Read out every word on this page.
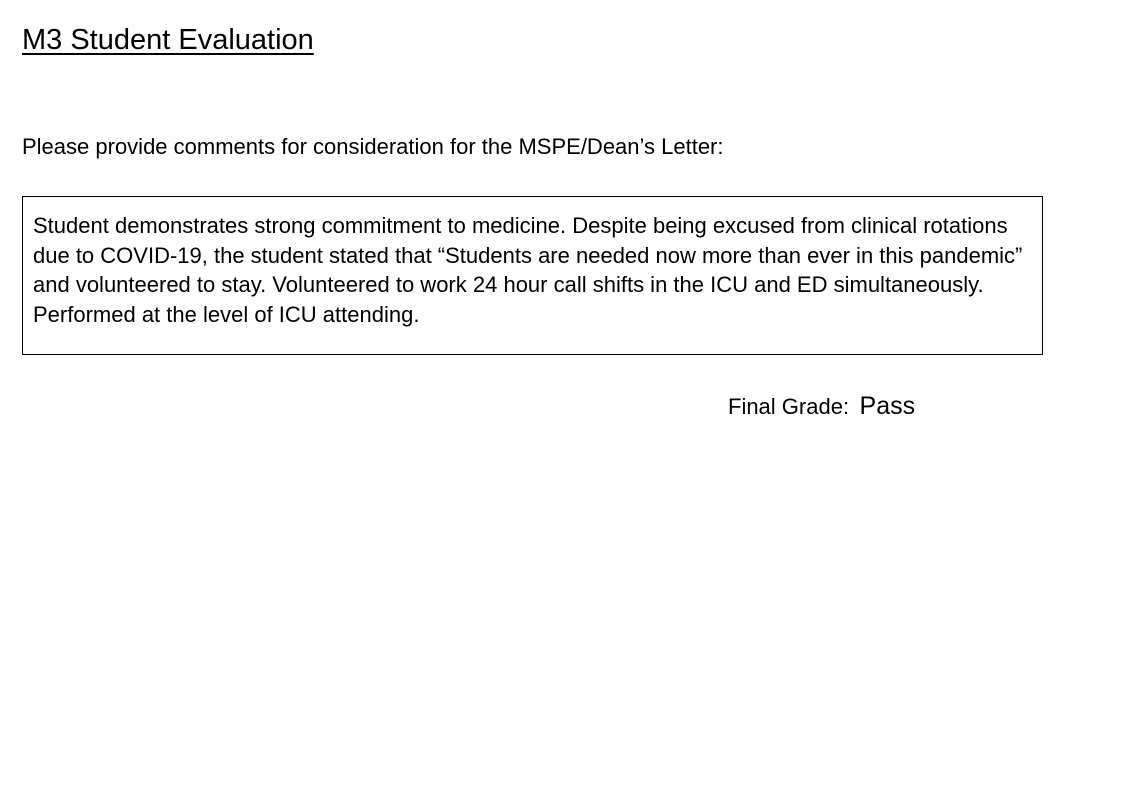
M3 Student Evaluation

Please provide comments for consideration for the MSPE/Dean’s Letter:

Student demonstrates strong commitment to medicine. Despite being excused from clinical rotations due to COVID-19, the student stated that “Students are needed now more than ever in this pandemic” and volunteered to stay. Volunteered to work 24 hour call shifts in the ICU and ED simultaneously. Performed at the level of ICU attending.
Final Grade: Pass
